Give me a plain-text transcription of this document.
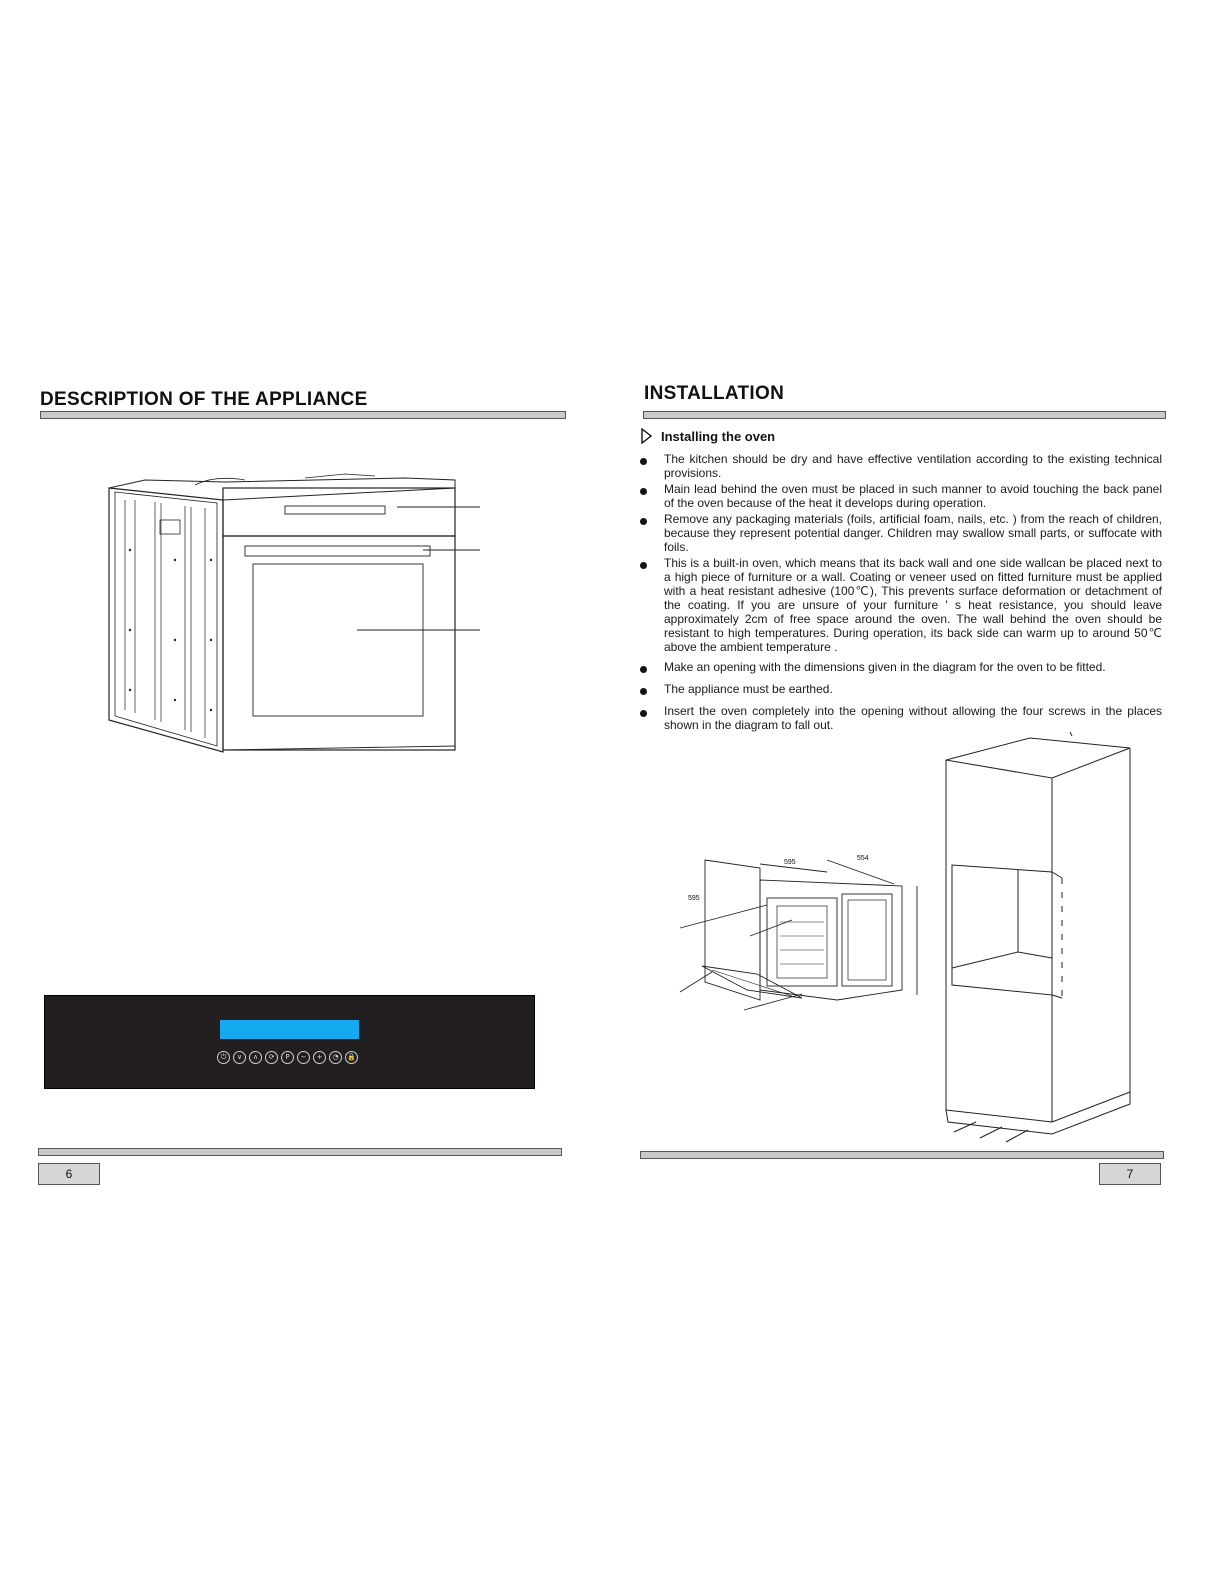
DESCRIPTION OF THE APPLIANCE
⏻	∨	∧	⟳	P	−	+	◔	🔒
6
INSTALLATION
Installing the oven
The kitchen should be dry and have effective ventilation according to the existing technical provisions.
Main lead behind the oven must be placed in such manner to avoid touching the back panel of the oven because of the heat it develops during operation.
Remove any packaging materials (foils, artificial foam, nails, etc. ) from the reach of children, because they represent potential danger. Children may swallow small parts, or suffocate with foils.
This is a built-in oven, which means that its back wall and one side wallcan be placed next to a high piece of furniture or a wall. Coating or veneer used on fitted furniture must be applied with a heat resistant adhesive (100℃), This prevents surface deformation or detachment of the coating. If you are unsure of your furniture ' s heat resistance, you should leave approximately 2cm of free space around the oven. The wall behind the oven should be resistant to high temperatures. During operation, its back side can warm up to around 50℃ above the ambient temperature .
Make an opening with the dimensions given in the diagram for the oven to be fitted.
The appliance must be earthed.
Insert the oven completely into the opening without allowing the four screws in the places shown in the diagram to fall out.
595
554
595
7
